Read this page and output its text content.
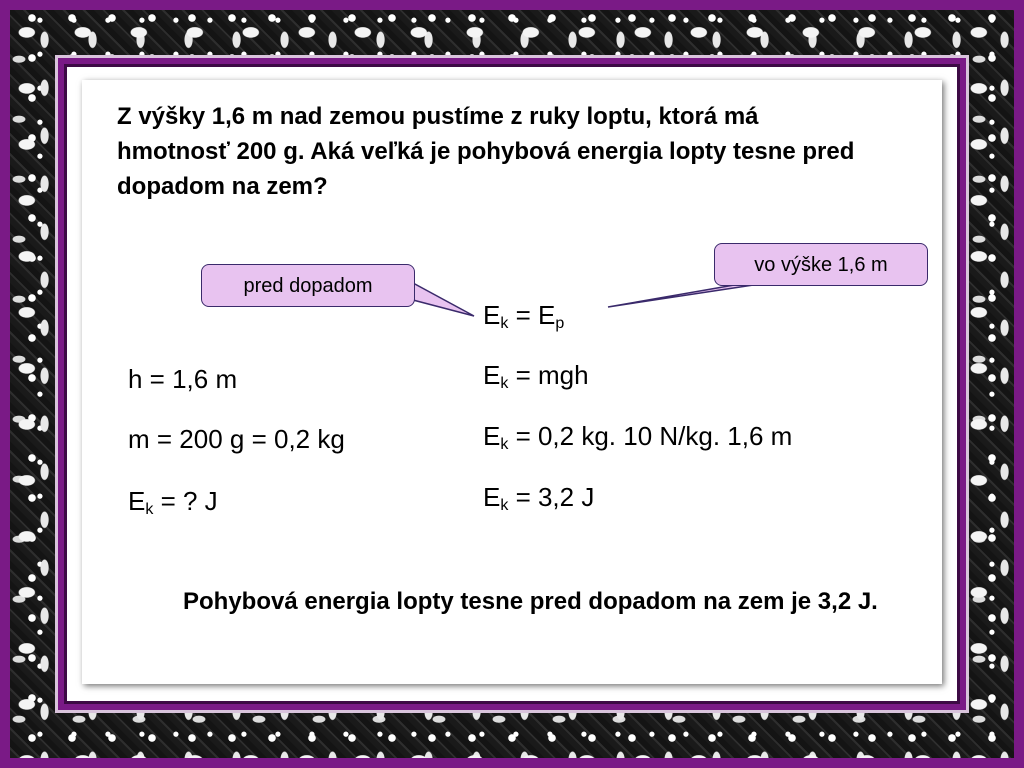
Z výšky 1,6 m nad zemou pustíme z ruky loptu, ktorá má hmotnosť 200 g. Aká veľká je pohybová energia lopty tesne pred dopadom na zem?
pred dopadom
vo výške 1,6 m
h = 1,6 m
m = 200 g = 0,2 kg
$E_k$ = ? J
$E_k = E_p$
$E_k$ = mgh
$E_k = 0,2$ kg. 10 N/kg. 1,6 m
$E_k = 3,2$ J
Pohybová energia lopty tesne pred dopadom na zem je 3,2 J.
